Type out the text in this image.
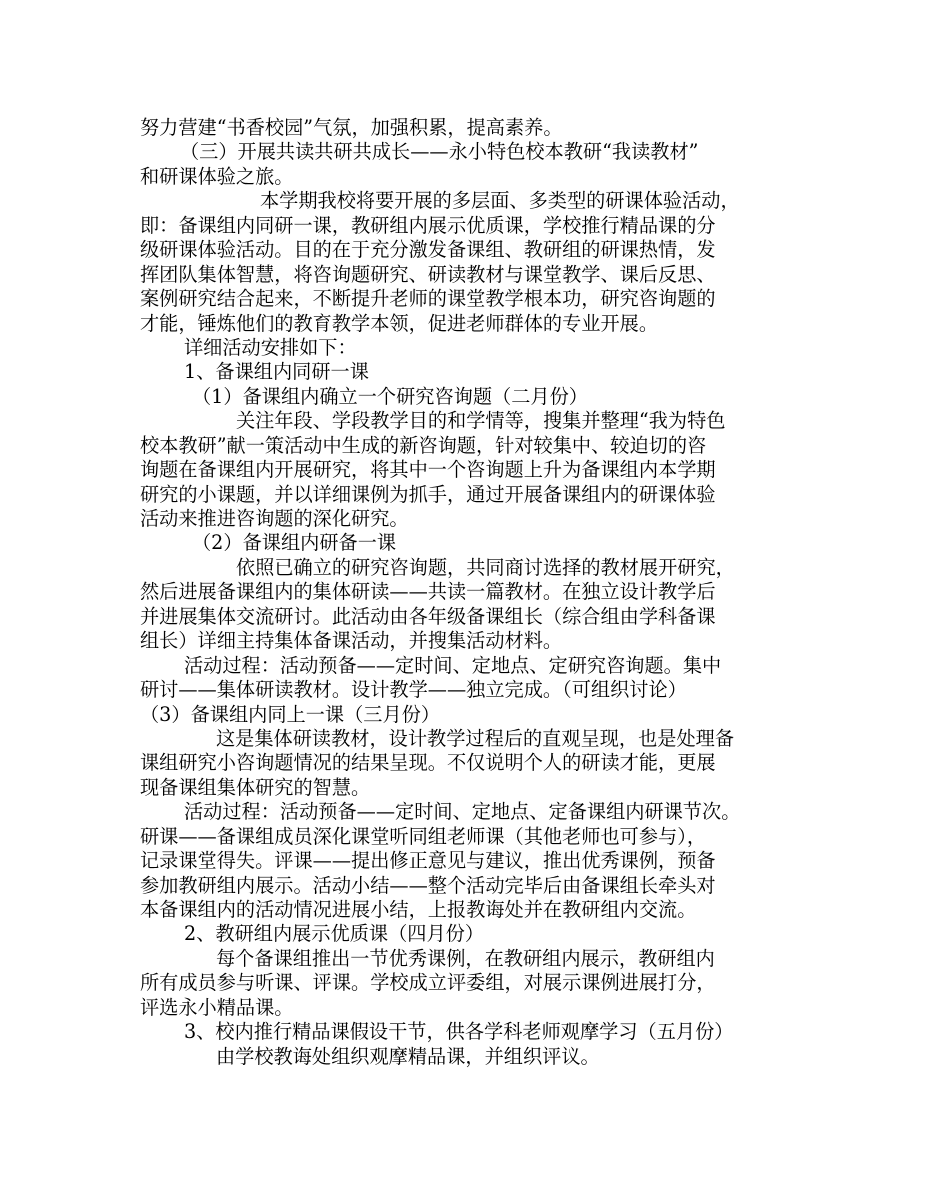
努力营建“书香校园”气氛，加强积累，提高素养。
（三）开展共读共研共成长——永小特色校本教研“我读教材”
和研课体验之旅。
本学期我校将要开展的多层面、多类型的研课体验活动，
即：备课组内同研一课，教研组内展示优质课，学校推行精品课的分
级研课体验活动。目的在于充分激发备课组、教研组的研课热情，发
挥团队集体智慧，将咨询题研究、研读教材与课堂教学、课后反思、
案例研究结合起来，不断提升老师的课堂教学根本功，研究咨询题的
才能，锤炼他们的教育教学本领，促进老师群体的专业开展。
详细活动安排如下：
1、备课组内同研一课
（1）备课组内确立一个研究咨询题（二月份）
关注年段、学段教学目的和学情等，搜集并整理“我为特色
校本教研”献一策活动中生成的新咨询题，针对较集中、较迫切的咨
询题在备课组内开展研究，将其中一个咨询题上升为备课组内本学期
研究的小课题，并以详细课例为抓手，通过开展备课组内的研课体验
活动来推进咨询题的深化研究。
（2）备课组内研备一课
依照已确立的研究咨询题，共同商讨选择的教材展开研究，
然后进展备课组内的集体研读——共读一篇教材。在独立设计教学后
并进展集体交流研讨。此活动由各年级备课组长（综合组由学科备课
组长）详细主持集体备课活动，并搜集活动材料。
活动过程：活动预备——定时间、定地点、定研究咨询题。集中
研讨——集体研读教材。设计教学——独立完成。（可组织讨论）
（3）备课组内同上一课（三月份）
这是集体研读教材，设计教学过程后的直观呈现，也是处理备
课组研究小咨询题情况的结果呈现。不仅说明个人的研读才能，更展
现备课组集体研究的智慧。
活动过程：活动预备——定时间、定地点、定备课组内研课节次。
研课——备课组成员深化课堂听同组老师课（其他老师也可参与），
记录课堂得失。评课——提出修正意见与建议，推出优秀课例，预备
参加教研组内展示。活动小结——整个活动完毕后由备课组长牵头对
本备课组内的活动情况进展小结，上报教诲处并在教研组内交流。
2、教研组内展示优质课（四月份）
每个备课组推出一节优秀课例，在教研组内展示，教研组内
所有成员参与听课、评课。学校成立评委组，对展示课例进展打分，
评选永小精品课。
3、校内推行精品课假设干节，供各学科老师观摩学习（五月份）
由学校教诲处组织观摩精品课，并组织评议。
